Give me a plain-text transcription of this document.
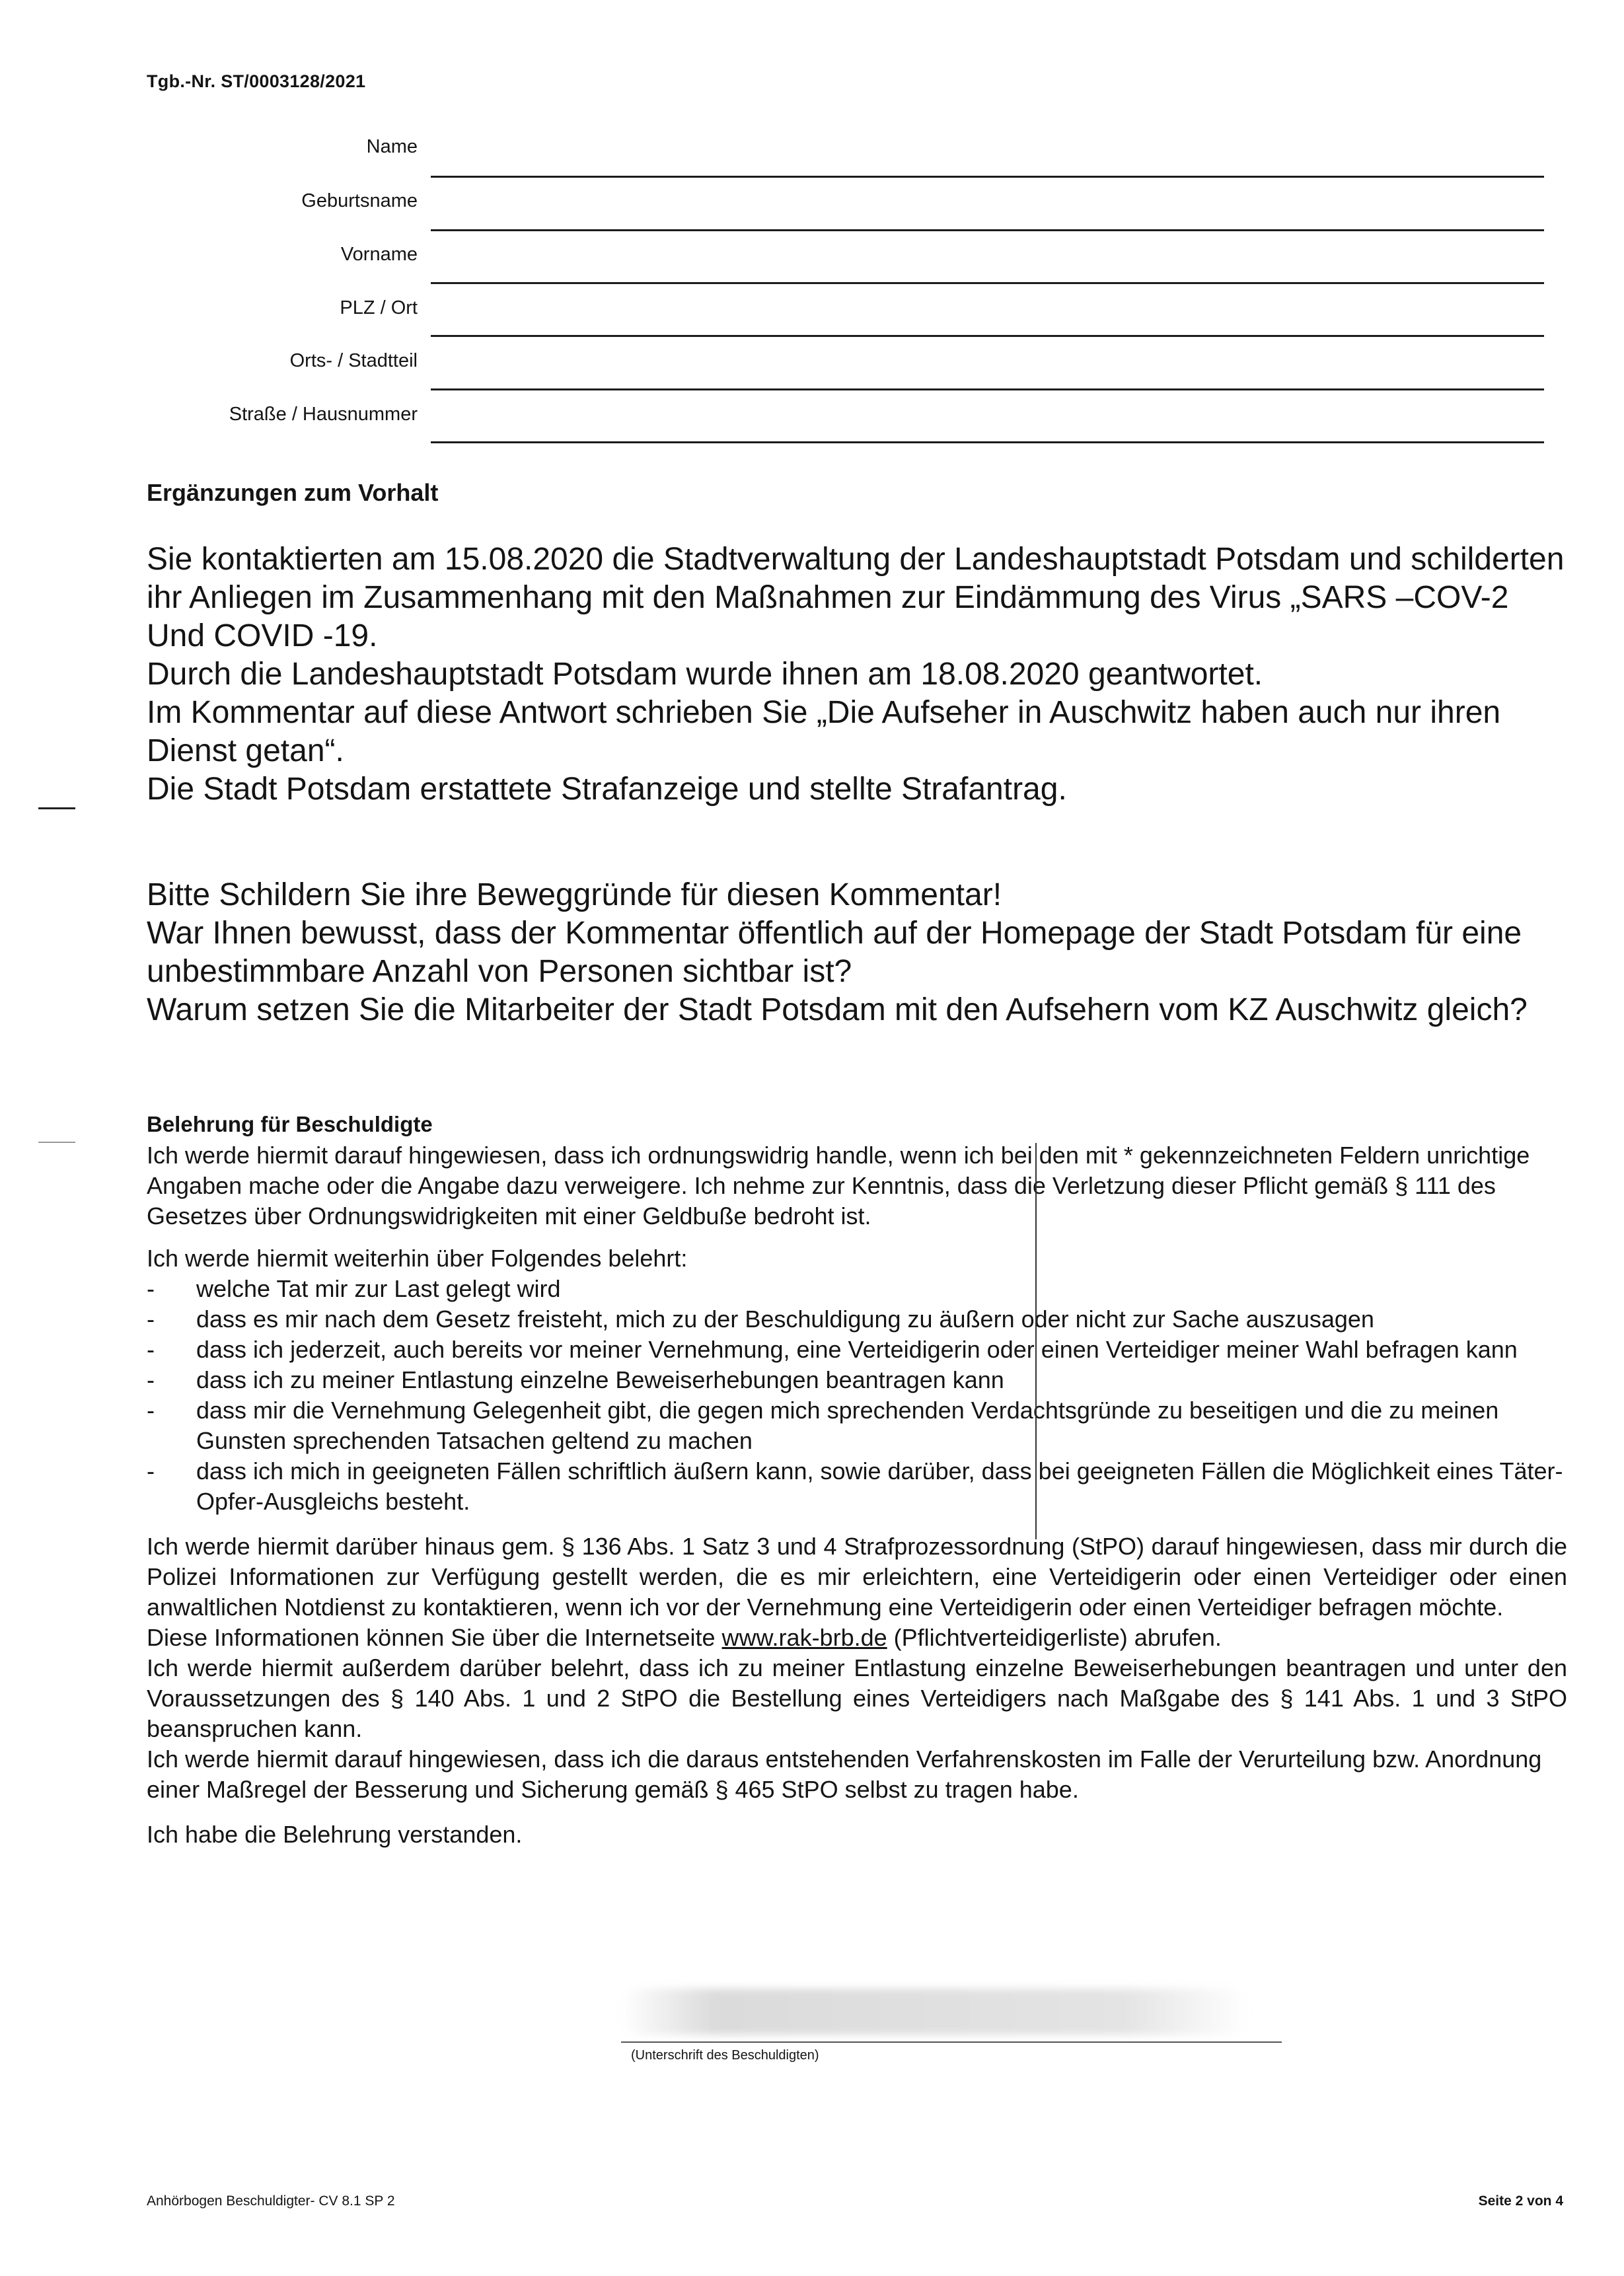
Tgb.-Nr. ST/0003128/2021
Name
Geburtsname
Vorname
PLZ / Ort
Orts- / Stadtteil
Straße / Hausnummer
Ergänzungen zum Vorhalt

Sie kontaktierten am 15.08.2020 die Stadtverwaltung der Landeshauptstadt Potsdam und schilderten ihr Anliegen im Zusammenhang mit den Maßnahmen zur Eindämmung des Virus „SARS –COV-2

Und COVID -19.

Durch die Landeshauptstadt Potsdam wurde ihnen am 18.08.2020 geantwortet.

Im Kommentar auf diese Antwort schrieben Sie „Die Aufseher in Auschwitz haben auch nur ihren Dienst getan“.

Die Stadt Potsdam erstattete Strafanzeige und stellte Strafantrag.

Bitte Schildern Sie ihre Beweggründe für diesen Kommentar!

War Ihnen bewusst, dass der Kommentar öffentlich auf der Homepage der Stadt Potsdam für eine unbestimmbare Anzahl von Personen sichtbar ist?

Warum setzen Sie die Mitarbeiter der Stadt Potsdam mit den Aufsehern vom KZ Auschwitz gleich?

Belehrung für Beschuldigte

Ich werde hiermit darauf hingewiesen, dass ich ordnungswidrig handle, wenn ich bei den mit * gekennzeichneten Feldern unrichtige Angaben mache oder die Angabe dazu verweigere. Ich nehme zur Kenntnis, dass die Verletzung dieser Pflicht gemäß § 111 des Gesetzes über Ordnungswidrigkeiten mit einer Geldbuße bedroht ist.

Ich werde hiermit weiterhin über Folgendes belehrt:

- welche Tat mir zur Last gelegt wird
- dass es mir nach dem Gesetz freisteht, mich zu der Beschuldigung zu äußern oder nicht zur Sache auszusagen
- dass ich jederzeit, auch bereits vor meiner Vernehmung, eine Verteidigerin oder einen Verteidiger meiner Wahl befragen kann
- dass ich zu meiner Entlastung einzelne Beweiserhebungen beantragen kann
- dass mir die Vernehmung Gelegenheit gibt, die gegen mich sprechenden Verdachtsgründe zu beseitigen und die zu meinen Gunsten sprechenden Tatsachen geltend zu machen
- dass ich mich in geeigneten Fällen schriftlich äußern kann, sowie darüber, dass bei geeigneten Fällen die Möglichkeit eines Täter-Opfer-Ausgleichs besteht.

Ich werde hiermit darüber hinaus gem. § 136 Abs. 1 Satz 3 und 4 Strafprozessordnung (StPO) darauf hingewiesen, dass mir durch die Polizei Informationen zur Verfügung gestellt werden, die es mir erleichtern, eine Verteidigerin oder einen Verteidiger oder einen anwaltlichen Notdienst zu kontaktieren, wenn ich vor der Vernehmung eine Verteidigerin oder einen Verteidiger befragen möchte.

Diese Informationen können Sie über die Internetseite www.rak-brb.de (Pflichtverteidigerliste) abrufen.

Ich werde hiermit außerdem darüber belehrt, dass ich zu meiner Entlastung einzelne Beweiserhebungen beantragen und unter den Voraussetzungen des § 140 Abs. 1 und 2 StPO die Bestellung eines Verteidigers nach Maßgabe des § 141 Abs. 1 und 3 StPO beanspruchen kann.

Ich werde hiermit darauf hingewiesen, dass ich die daraus entstehenden Verfahrenskosten im Falle der Verurteilung bzw. Anordnung einer Maßregel der Besserung und Sicherung gemäß § 465 StPO selbst zu tragen habe.

Ich habe die Belehrung verstanden.

(Unterschrift des Beschuldigten)
Anhörbogen Beschuldigter- CV 8.1 SP 2	Seite 2 von 4
